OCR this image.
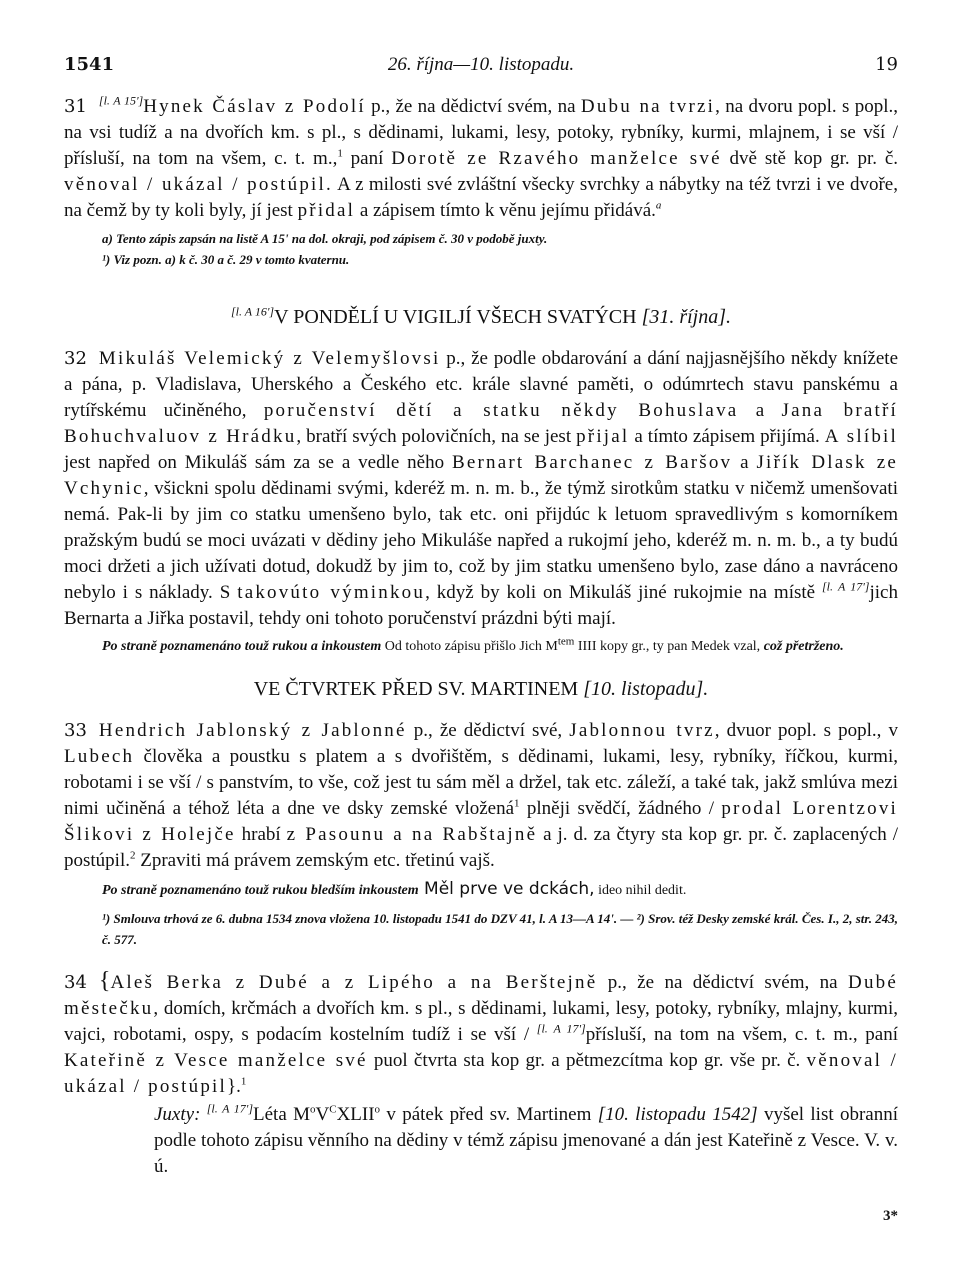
1541	26. října—10. listopadu.	19

31 [l. A 15']Hynek Čáslav z Podolí p., že na dědictví svém, na Dubu na tvrzi, na dvoru popl. s popl., na vsi tudíž a na dvořích km. s pl., s dědinami, lukami, lesy, potoky, rybníky, kurmi, mlajnem, i se vší / přísluší, na tom na všem, c. t. m.,$^1$ paní Dorotě ze Rzavého manželce své dvě stě kop gr. pr. č. věnoval / ukázal / postúpil. A z milosti své zvláštní všecky svrchky a nábytky na též tvrzi i ve dvoře, na čemž by ty koli byly, jí jest přidal a zápisem tímto k věnu jejímu přidává.$^a$

a) Tento zápis zapsán na listě A 15' na dol. okraji, pod zápisem č. 30 v podobě juxty.

¹) Viz pozn. a) k č. 30 a č. 29 v tomto kvaternu.

[l. A 16']V PONDĚLÍ U VIGILJÍ VŠECH SVATÝCH [31. října].

32 Mikuláš Velemický z Velemyšlovsi p., že podle obdarování a dání najjasnějšího někdy knížete a pána, p. Vladislava, Uherského a Českého etc. krále slavné paměti, o odúmrtech stavu panskému a rytířskému učiněného, poručenství dětí a statku někdy Bohuslava a Jana bratří Bohuchvaluov z Hrádku, bratří svých polovičních, na se jest přijal a tímto zápisem přijímá. A slíbil jest napřed on Mikuláš sám za se a vedle něho Bernart Barchanec z Baršov a Jiřík Dlask ze Vchynic, všickni spolu dědinami svými, kderéž m. n. m. b., že týmž sirotkům statku v ničemž umenšovati nemá. Pak-li by jim co statku umenšeno bylo, tak etc. oni přijdúc k letuom spravedlivým s komorníkem pražským budú se moci uvázati v dědiny jeho Mikuláše napřed a rukojmí jeho, kderéž m. n. m. b., a ty budú moci držeti a jich užívati dotud, dokudž by jim to, což by jim statku umenšeno bylo, zase dáno a navráceno nebylo i s náklady. S takovúto výminkou, když by koli on Mikuláš jiné rukojmie na místě [l. A 17']jich Bernarta a Jiřka postavil, tehdy oni tohoto poručenství prázdni býti mají.

Po straně poznamenáno touž rukou a inkoustem Od tohoto zápisu přišlo Jich $M^{tem}$ IIII kopy gr., ty pan Medek vzal, což přetrženo.

VE ČTVRTEK PŘED SV. MARTINEM [10. listopadu].

33 Hendrich Jablonský z Jablonné p., že dědictví své, Jablonnou tvrz, dvuor popl. s popl., v Lubech člověka a poustku s platem a s dvořištěm, s dědinami, lukami, lesy, rybníky, říčkou, kurmi, robotami i se vší / s panstvím, to vše, což jest tu sám měl a držel, tak etc. záleží, a také tak, jakž smlúva mezi nimi učiněná a téhož léta a dne ve dsky zemské vložená$^1$ plněji svědčí, žádného / prodal Lorentzovi Šlikovi z Holejče hrabí z Pasounu a na Rabštajně a j. d. za čtyry sta kop gr. pr. č. zaplacených / postúpil.$^2$ Zpraviti má právem zemským etc. třetinú vajš.

Po straně poznamenáno touž rukou bledším inkoustem Měl prve ve dckách, ideo nihil dedit.

¹) Smlouva trhová ze 6. dubna 1534 znova vložena 10. listopadu 1541 do DZV 41, l. A 13—A 14'. — ²) Srov. též Desky zemské král. Čes. I., 2, str. 243, č. 577.

34 {Aleš Berka z Dubé a z Lipého a na Berštejně p., že na dědictví svém, na Dubé městečku, domích, krčmách a dvořích km. s pl., s dědinami, lukami, lesy, potoky, rybníky, mlajny, kurmi, vajci, robotami, ospy, s podacím kostelním tudíž i se vší / [l. A 17']přísluší, na tom na všem, c. t. m., paní Kateřině z Vesce manželce své puol čtvrta sta kop gr. a pětmezcítma kop gr. vše pr. č. věnoval / ukázal / postúpil}.$^1$

Juxty: [l. A 17']Léta $M^oV^CXLII^o$ v pátek před sv. Martinem [10. listopadu 1542] vyšel list obranní podle tohoto zápisu věnního na dědiny v témž zápisu jmenované a dán jest Kateřině z Vesce. V. v. ú.

3*
